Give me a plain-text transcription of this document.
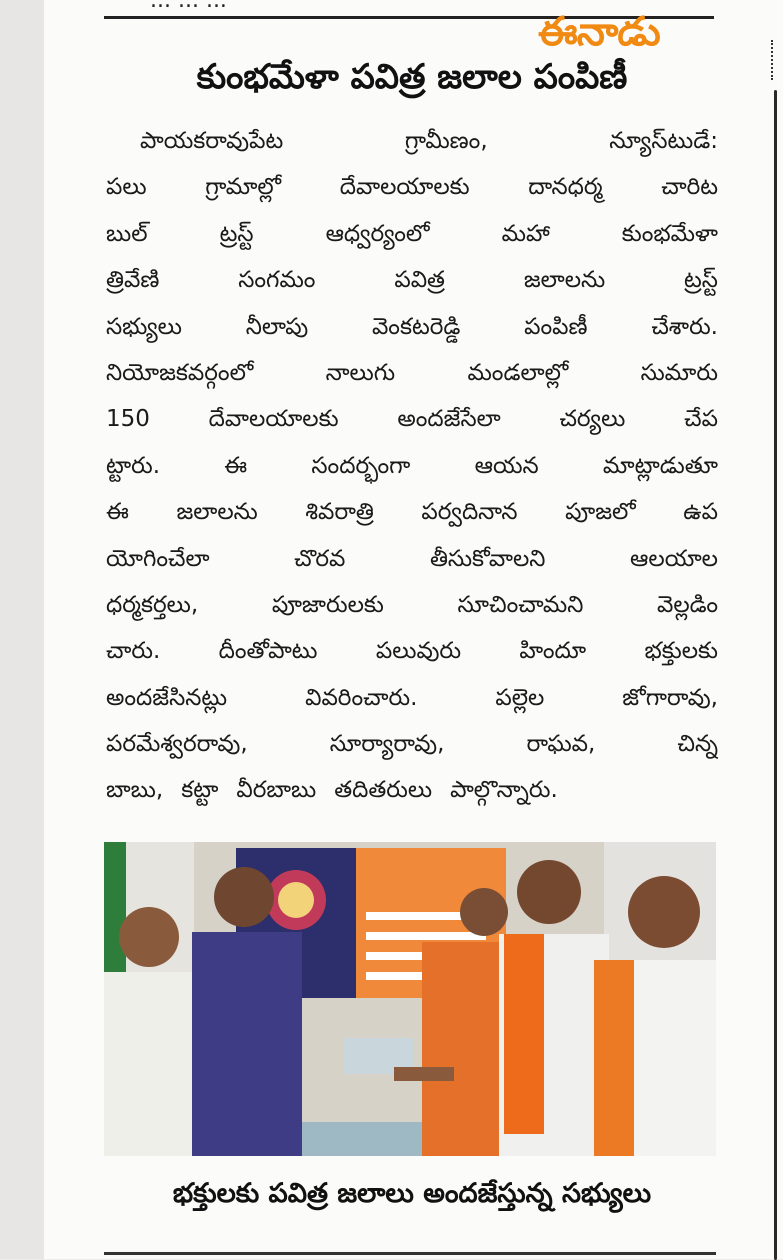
ఈనాడు
కుంభమేళా పవిత్ర జలాల పంపిణీ
పాయకరావుపేట	గ్రామీణం,	న్యూస్‌టుడే:
పలు	గ్రామాల్లో	దేవాలయాలకు	దానధర్మ	చారిట
బుల్	ట్రస్ట్	ఆధ్వర్యంలో	మహా	కుంభమేళా
త్రివేణి	సంగమం	పవిత్ర	జలాలను	ట్రస్ట్
సభ్యులు	నీలాపు	వెంకటరెడ్డి	పంపిణీ	చేశారు.
నియోజకవర్గంలో	నాలుగు	మండలాల్లో	సుమారు
150	దేవాలయాలకు	అందజేసేలా	చర్యలు	చేప
ట్టారు.	ఈ	సందర్భంగా	ఆయన	మాట్లాడుతూ
ఈ జలాలను శివరాత్రి పర్వదినాన పూజలో ఉప
యోగించేలా	చొరవ	తీసుకోవాలని	ఆలయాల
ధర్మకర్తలు,	పూజారులకు	సూచించామని	వెల్లడిం
చారు.	దీంతోపాటు	పలువురు	హిందూ	భక్తులకు
అందజేసినట్లు	వివరించారు.	పల్లెల	జోగారావు,
పరమేశ్వరరావు,	సూర్యారావు,	రాఘవ,	చిన్న
బాబు, కట్టా వీరబాబు తదితరులు పాల్గొన్నారు.
భక్తులకు పవిత్ర జలాలు అందజేస్తున్న సభ్యులు
